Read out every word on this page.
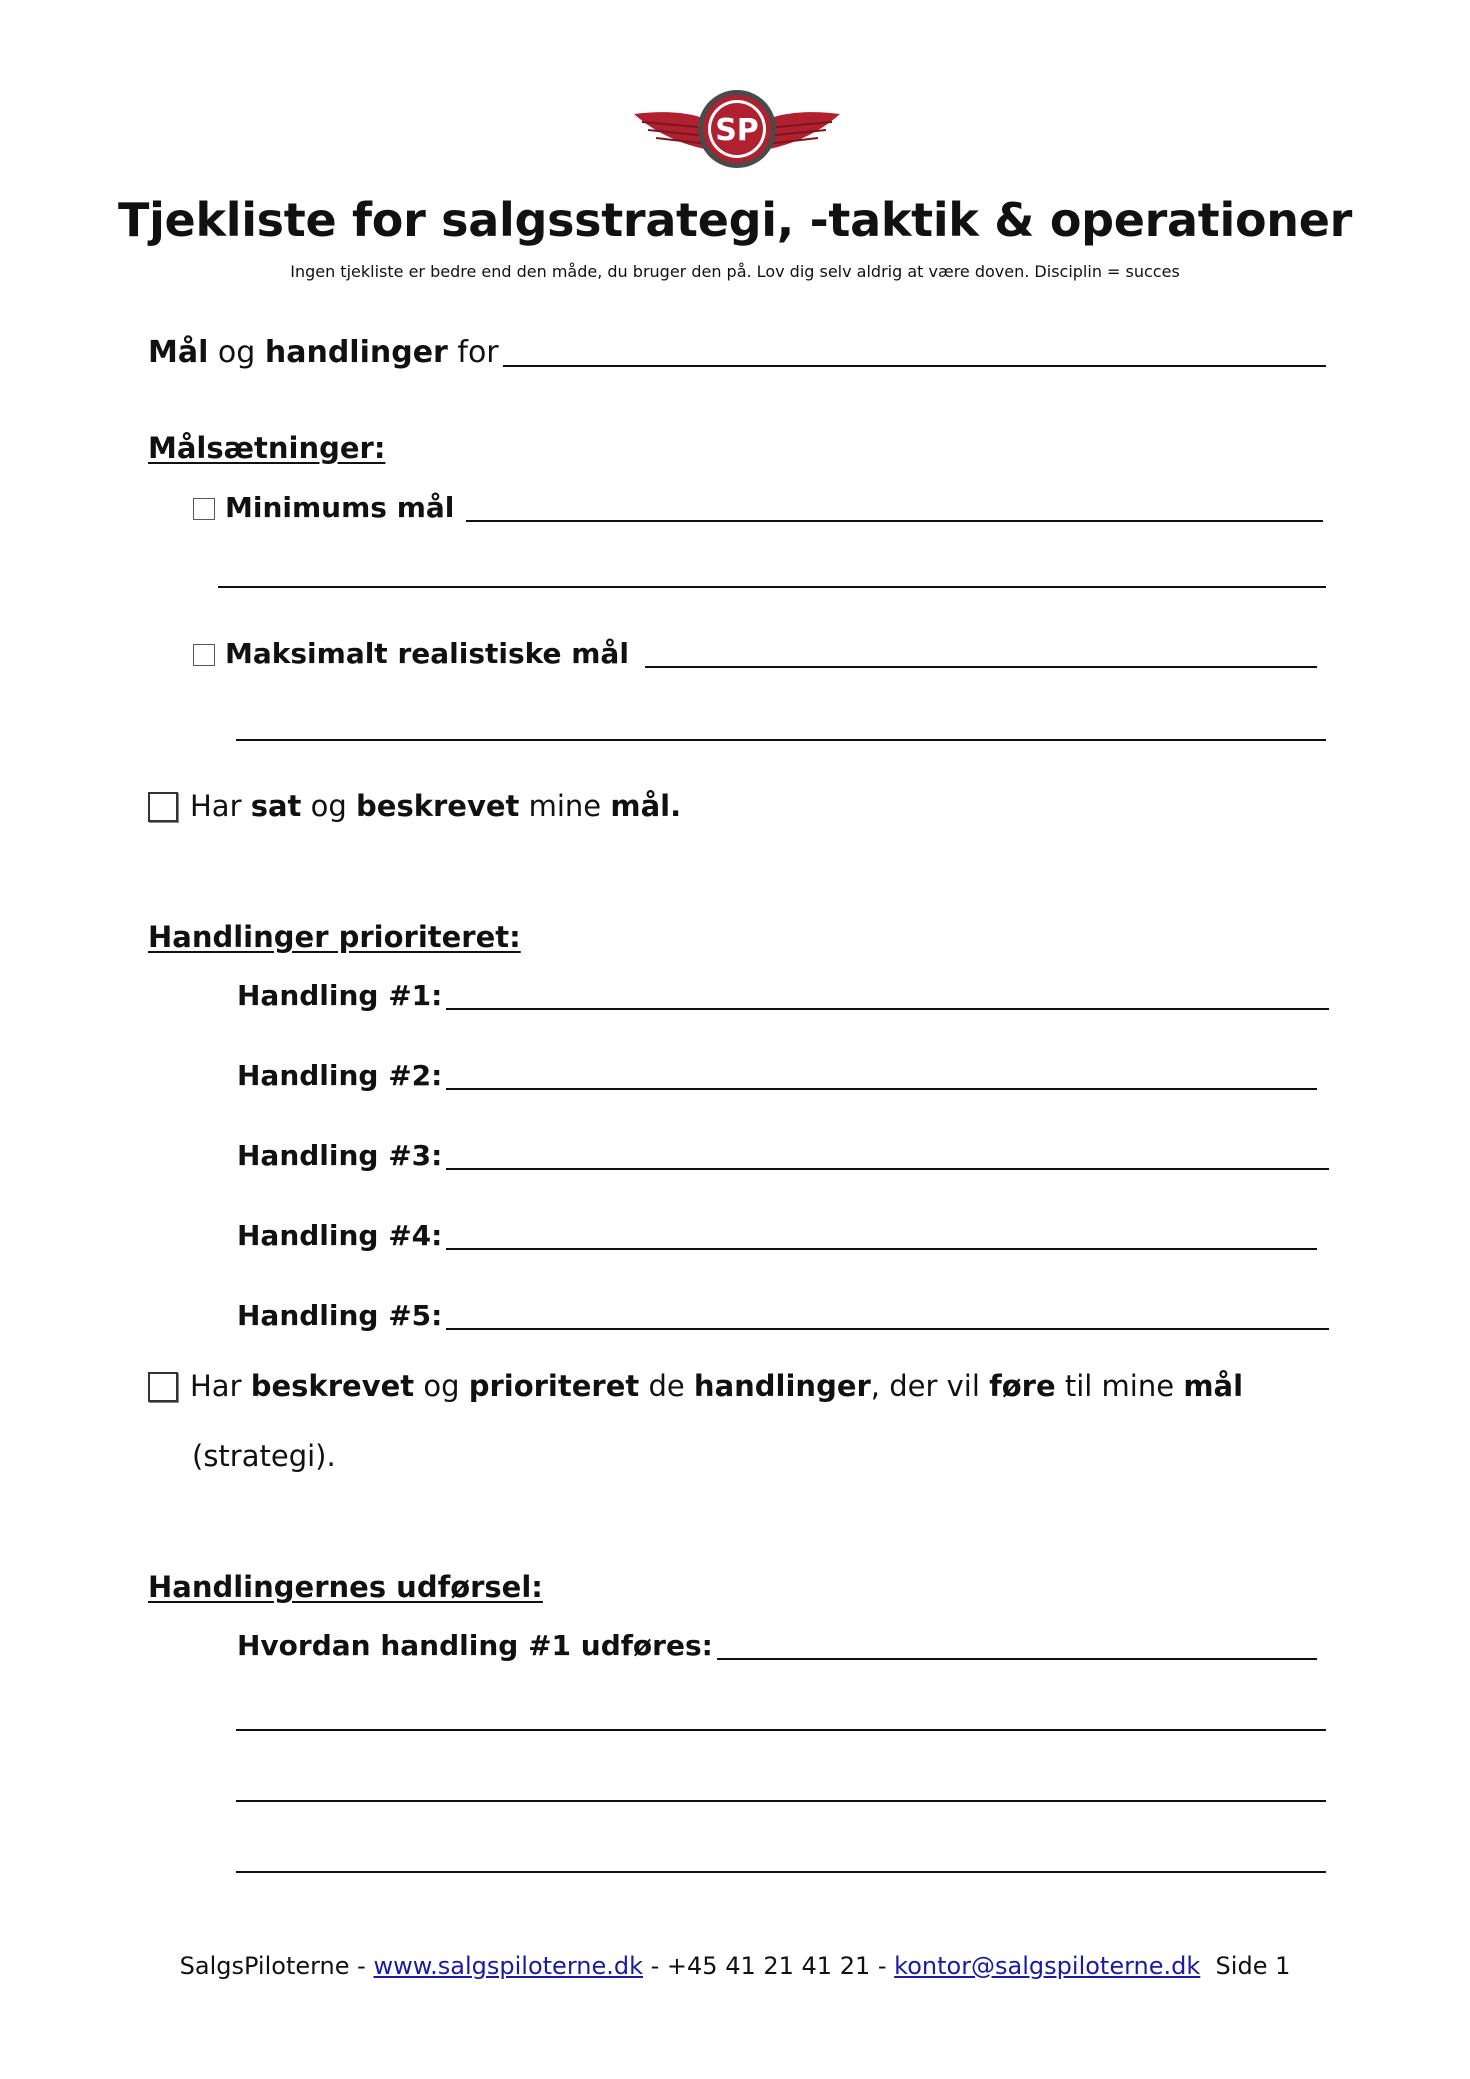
SP
Tjekliste for salgsstrategi, -taktik & operationer
Ingen tjekliste er bedre end den måde, du bruger den på. Lov dig selv aldrig at være doven. Disciplin = succes
Mål og handlinger for
Målsætninger:
Minimums mål
Maksimalt realistiske mål
Har sat og beskrevet mine mål.
Handlinger prioriteret:
Handling #1:
Handling #2:
Handling #3:
Handling #4:
Handling #5:
Har beskrevet og prioriteret de handlinger, der vil føre til mine mål
(strategi).
Handlingernes udførsel:
Hvordan handling #1 udføres:
SalgsPiloterne - www.salgspiloterne.dk - +45 41 21 41 21 - kontor@salgspiloterne.dk  Side 1
